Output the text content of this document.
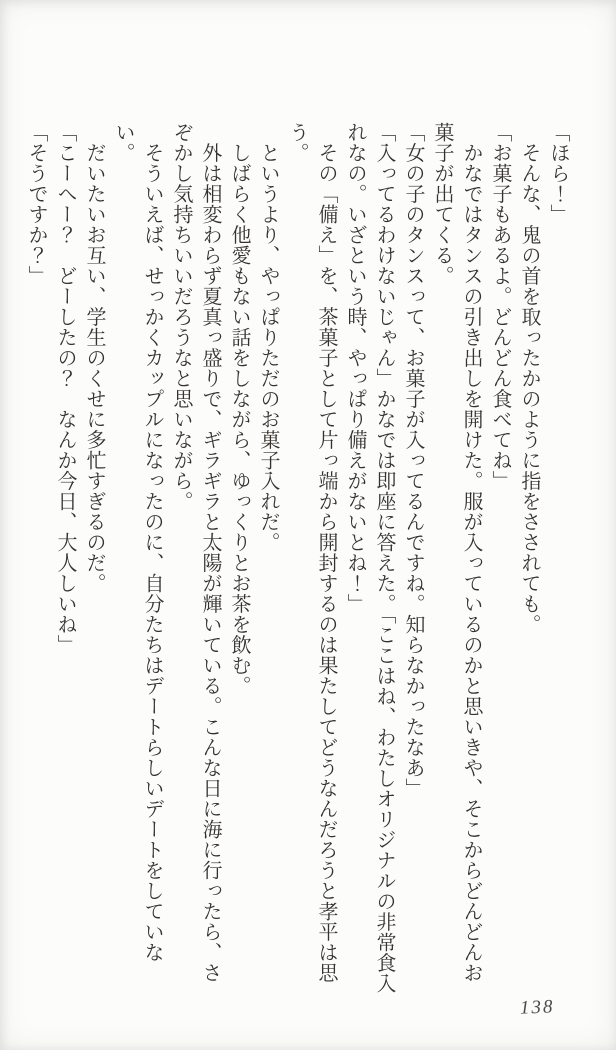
「ほら！」

　そんな、鬼の首を取ったかのように指をさされても。

「お菓子もあるよ。どんどん食べてね」

　かなではタンスの引き出しを開けた。服が入っているのかと思いきや、そこからどんどんお菓子が出てくる。

「女の子のタンスって、お菓子が入ってるんですね。知らなかったなあ」

「入ってるわけないじゃん」かなでは即座に答えた。「ここはね、わたしオリジナルの非常食入れなの。いざという時、やっぱり備えがないとね！」

　その「備え」を、茶菓子として片っ端から開封するのは果たしてどうなんだろうと孝平は思う。

　というより、やっぱりただのお菓子入れだ。

　しばらく他愛もない話をしながら、ゆっくりとお茶を飲む。

　外は相変わらず夏真っ盛りで、ギラギラと太陽が輝いている。こんな日に海に行ったら、さぞかし気持ちいいだろうなと思いながら。

　そういえば、せっかくカップルになったのに、自分たちはデートらしいデートをしていない。

　だいたいお互い、学生のくせに多忙すぎるのだ。

「こーへー？　どーしたの？　なんか今日、大人しいね」

「そうですか？」

138
